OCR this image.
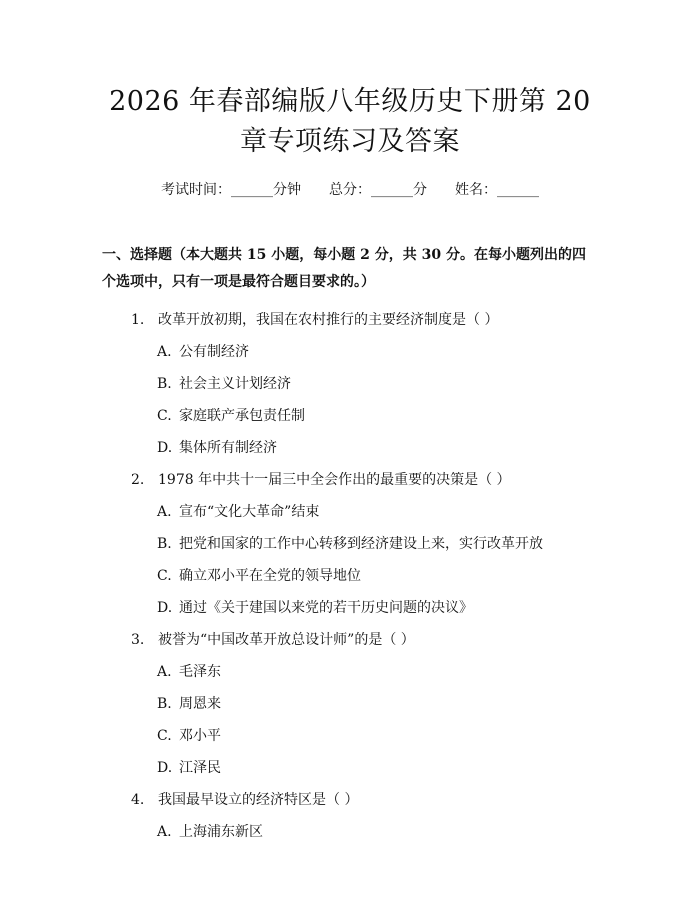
2026 年春部编版八年级历史下册第 20 章专项练习及答案
考试时间：______分钟 总分：______分 姓名：______
一、选择题（本大题共 15 小题，每小题 2 分，共 30 分。在每小题列出的四个选项中，只有一项是最符合题目要求的。）
1. 改革开放初期，我国在农村推行的主要经济制度是（ ）
A. 公有制经济
B. 社会主义计划经济
C. 家庭联产承包责任制
D. 集体所有制经济
2. 1978 年中共十一届三中全会作出的最重要的决策是（ ）
A. 宣布“文化大革命”结束
B. 把党和国家的工作中心转移到经济建设上来，实行改革开放
C. 确立邓小平在全党的领导地位
D. 通过《关于建国以来党的若干历史问题的决议》
3. 被誉为“中国改革开放总设计师”的是（ ）
A. 毛泽东
B. 周恩来
C. 邓小平
D. 江泽民
4. 我国最早设立的经济特区是（ ）
A. 上海浦东新区
